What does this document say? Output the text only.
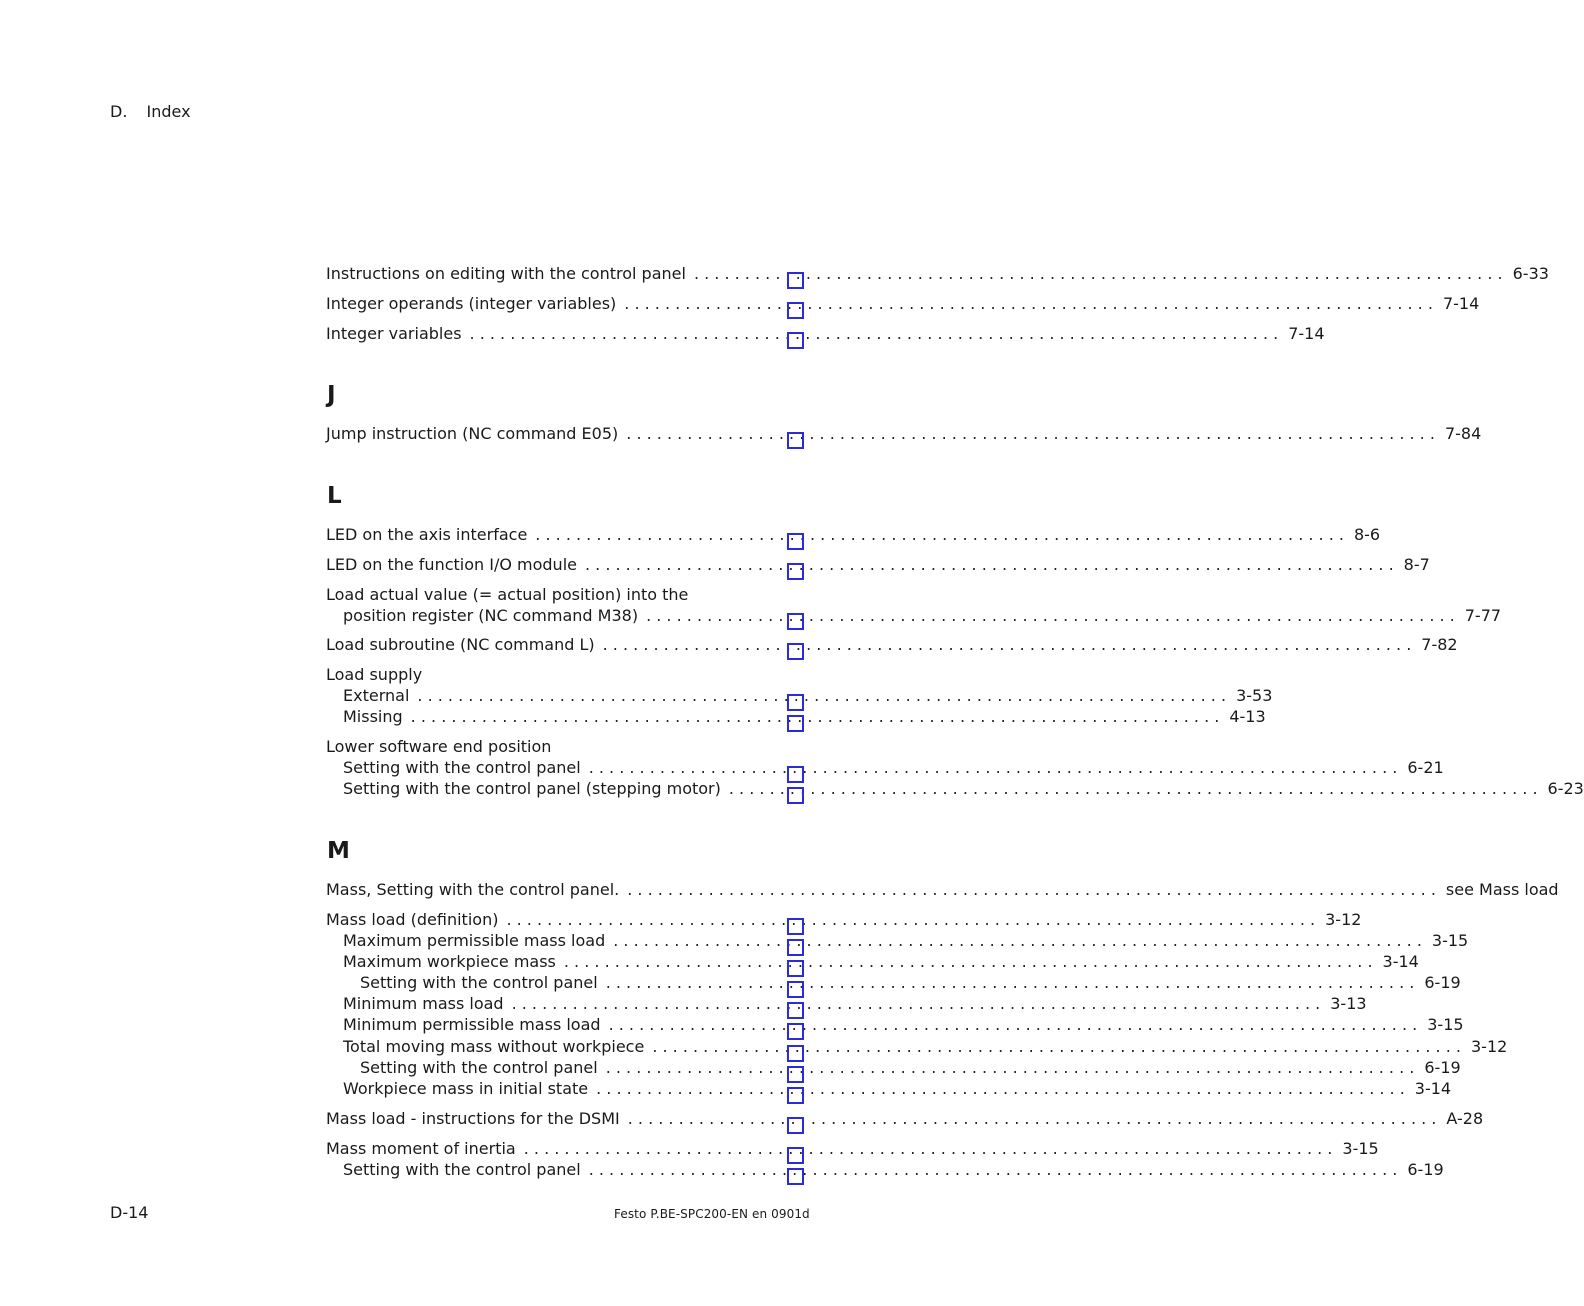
D. Index
Instructions on editing with the control panel . . . . . . . . . . . . . . . . . . . . . . . . . . . . . . . . . . . . . . . . . . . . . . . . . . . . . . . . . . . . . . . . . . . . . . . . . . . . . . . . 6-33
Integer operands (integer variables) . . . . . . . . . . . . . . . . . . . . . . . . . . . . . . . . . . . . . . . . . . . . . . . . . . . . . . . . . . . . . . . . . . . . . . . . . . . . . . . . 7-14
Integer variables . . . . . . . . . . . . . . . . . . . . . . . . . . . . . . . . . . . . . . . . . . . . . . . . . . . . . . . . . . . . . . . . . . . . . . . . . . . . . . . . 7-14
J
Jump instruction (NC command E05) . . . . . . . . . . . . . . . . . . . . . . . . . . . . . . . . . . . . . . . . . . . . . . . . . . . . . . . . . . . . . . . . . . . . . . . . . . . . . . . . 7-84
L
LED on the axis interface . . . . . . . . . . . . . . . . . . . . . . . . . . . . . . . . . . . . . . . . . . . . . . . . . . . . . . . . . . . . . . . . . . . . . . . . . . . . . . . . 8-6
LED on the function I/O module . . . . . . . . . . . . . . . . . . . . . . . . . . . . . . . . . . . . . . . . . . . . . . . . . . . . . . . . . . . . . . . . . . . . . . . . . . . . . . . . 8-7
Load actual value (= actual position) into the
position register (NC command M38) . . . . . . . . . . . . . . . . . . . . . . . . . . . . . . . . . . . . . . . . . . . . . . . . . . . . . . . . . . . . . . . . . . . . . . . . . . . . . . . . 7-77
Load subroutine (NC command L) . . . . . . . . . . . . . . . . . . . . . . . . . . . . . . . . . . . . . . . . . . . . . . . . . . . . . . . . . . . . . . . . . . . . . . . . . . . . . . . . 7-82
Load supply
External . . . . . . . . . . . . . . . . . . . . . . . . . . . . . . . . . . . . . . . . . . . . . . . . . . . . . . . . . . . . . . . . . . . . . . . . . . . . . . . . 3-53
Missing . . . . . . . . . . . . . . . . . . . . . . . . . . . . . . . . . . . . . . . . . . . . . . . . . . . . . . . . . . . . . . . . . . . . . . . . . . . . . . . . 4-13
Lower software end position
Setting with the control panel . . . . . . . . . . . . . . . . . . . . . . . . . . . . . . . . . . . . . . . . . . . . . . . . . . . . . . . . . . . . . . . . . . . . . . . . . . . . . . . . 6-21
Setting with the control panel (stepping motor) . . . . . . . . . . . . . . . . . . . . . . . . . . . . . . . . . . . . . . . . . . . . . . . . . . . . . . . . . . . . . . . . . . . . . . . . . . . . . . . . 6-23
M
Mass, Setting with the control panel. . . . . . . . . . . . . . . . . . . . . . . . . . . . . . . . . . . . . . . . . . . . . . . . . . . . . . . . . . . . . . . . . . . . . . . . . . . . . . . . . see Mass load
Mass load (definition) . . . . . . . . . . . . . . . . . . . . . . . . . . . . . . . . . . . . . . . . . . . . . . . . . . . . . . . . . . . . . . . . . . . . . . . . . . . . . . . . 3-12
Maximum permissible mass load . . . . . . . . . . . . . . . . . . . . . . . . . . . . . . . . . . . . . . . . . . . . . . . . . . . . . . . . . . . . . . . . . . . . . . . . . . . . . . . . 3-15
Maximum workpiece mass . . . . . . . . . . . . . . . . . . . . . . . . . . . . . . . . . . . . . . . . . . . . . . . . . . . . . . . . . . . . . . . . . . . . . . . . . . . . . . . . 3-14
Setting with the control panel . . . . . . . . . . . . . . . . . . . . . . . . . . . . . . . . . . . . . . . . . . . . . . . . . . . . . . . . . . . . . . . . . . . . . . . . . . . . . . . . 6-19
Minimum mass load . . . . . . . . . . . . . . . . . . . . . . . . . . . . . . . . . . . . . . . . . . . . . . . . . . . . . . . . . . . . . . . . . . . . . . . . . . . . . . . . 3-13
Minimum permissible mass load . . . . . . . . . . . . . . . . . . . . . . . . . . . . . . . . . . . . . . . . . . . . . . . . . . . . . . . . . . . . . . . . . . . . . . . . . . . . . . . . 3-15
Total moving mass without workpiece . . . . . . . . . . . . . . . . . . . . . . . . . . . . . . . . . . . . . . . . . . . . . . . . . . . . . . . . . . . . . . . . . . . . . . . . . . . . . . . . 3-12
Setting with the control panel . . . . . . . . . . . . . . . . . . . . . . . . . . . . . . . . . . . . . . . . . . . . . . . . . . . . . . . . . . . . . . . . . . . . . . . . . . . . . . . . 6-19
Workpiece mass in initial state . . . . . . . . . . . . . . . . . . . . . . . . . . . . . . . . . . . . . . . . . . . . . . . . . . . . . . . . . . . . . . . . . . . . . . . . . . . . . . . . 3-14
Mass load - instructions for the DSMI . . . . . . . . . . . . . . . . . . . . . . . . . . . . . . . . . . . . . . . . . . . . . . . . . . . . . . . . . . . . . . . . . . . . . . . . . . . . . . . . A-28
Mass moment of inertia . . . . . . . . . . . . . . . . . . . . . . . . . . . . . . . . . . . . . . . . . . . . . . . . . . . . . . . . . . . . . . . . . . . . . . . . . . . . . . . . 3-15
Setting with the control panel . . . . . . . . . . . . . . . . . . . . . . . . . . . . . . . . . . . . . . . . . . . . . . . . . . . . . . . . . . . . . . . . . . . . . . . . . . . . . . . . 6-19
D-14	Festo P.BE-SPC200-EN en 0901d
